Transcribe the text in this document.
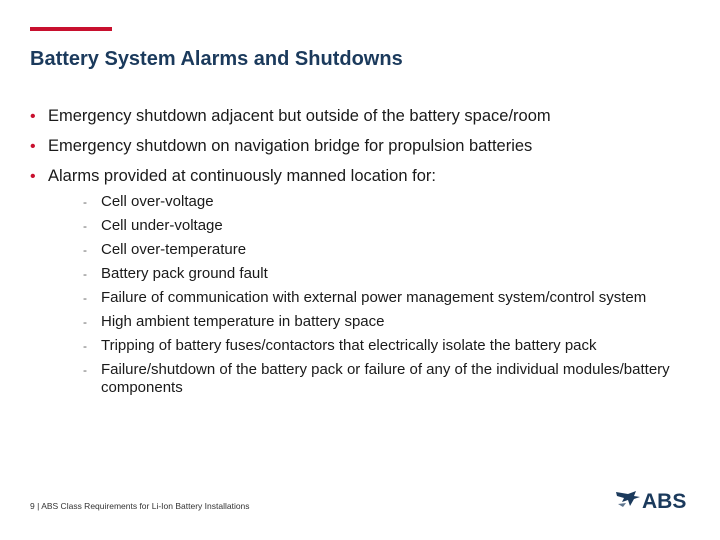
Battery System Alarms and Shutdowns
• Emergency shutdown adjacent but outside of the battery space/room
• Emergency shutdown on navigation bridge for propulsion batteries
• Alarms provided at continuously manned location for:
- Cell over-voltage
- Cell under-voltage
- Cell over-temperature
- Battery pack ground fault
- Failure of communication with external power management system/control system
- High ambient temperature in battery space
- Tripping of battery fuses/contactors that electrically isolate the battery pack
- Failure/shutdown of the battery pack or failure of any of the individual modules/battery components
9 | ABS Class Requirements for Li-Ion Battery Installations	ABS
